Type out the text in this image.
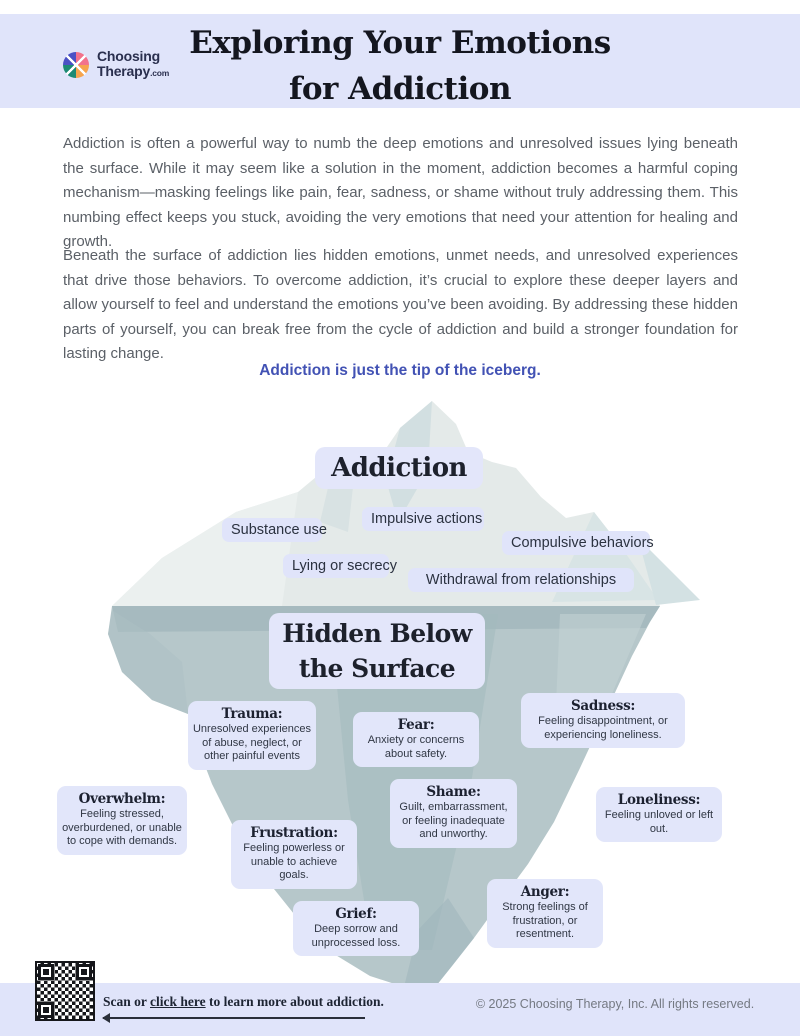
Choosing
Therapy.com
Exploring Your Emotions
for Addiction

Addiction is often a powerful way to numb the deep emotions and unresolved issues lying beneath the surface. While it may seem like a solution in the moment, addiction becomes a harmful coping mechanism—masking feelings like pain, fear, sadness, or shame without truly addressing them. This numbing effect keeps you stuck, avoiding the very emotions that need your attention for healing and growth.

Beneath the surface of addiction lies hidden emotions, unmet needs, and unresolved experiences that drive those behaviors. To overcome addiction, it’s crucial to explore these deeper layers and allow yourself to feel and understand the emotions you’ve been avoiding. By addressing these hidden parts of yourself, you can break free from the cycle of addiction and build a stronger foundation for lasting change.

Addiction is just the tip of the iceberg.
Addiction
Substance use
Impulsive actions
Compulsive behaviors
Lying or secrecy
Withdrawal from relationships
Hidden Below
the Surface
Trauma:
Unresolved experiences of abuse, neglect, or other painful events
Fear:
Anxiety or concerns about safety.
Sadness:
Feeling disappointment, or experiencing loneliness.
Overwhelm:
Feeling stressed, overburdened, or unable to cope with demands.	Frustration:
Feeling powerless or unable to achieve goals.
Shame:
Guilt, embarrassment, or feeling inadequate and unworthy.
Loneliness:
Feeling unloved or left out.
Grief:
Deep sorrow and unprocessed loss.
Anger:
Strong feelings of frustration, or resentment.
Scan or click here to learn more about addiction.	© 2025 Choosing Therapy, Inc. All rights reserved.
